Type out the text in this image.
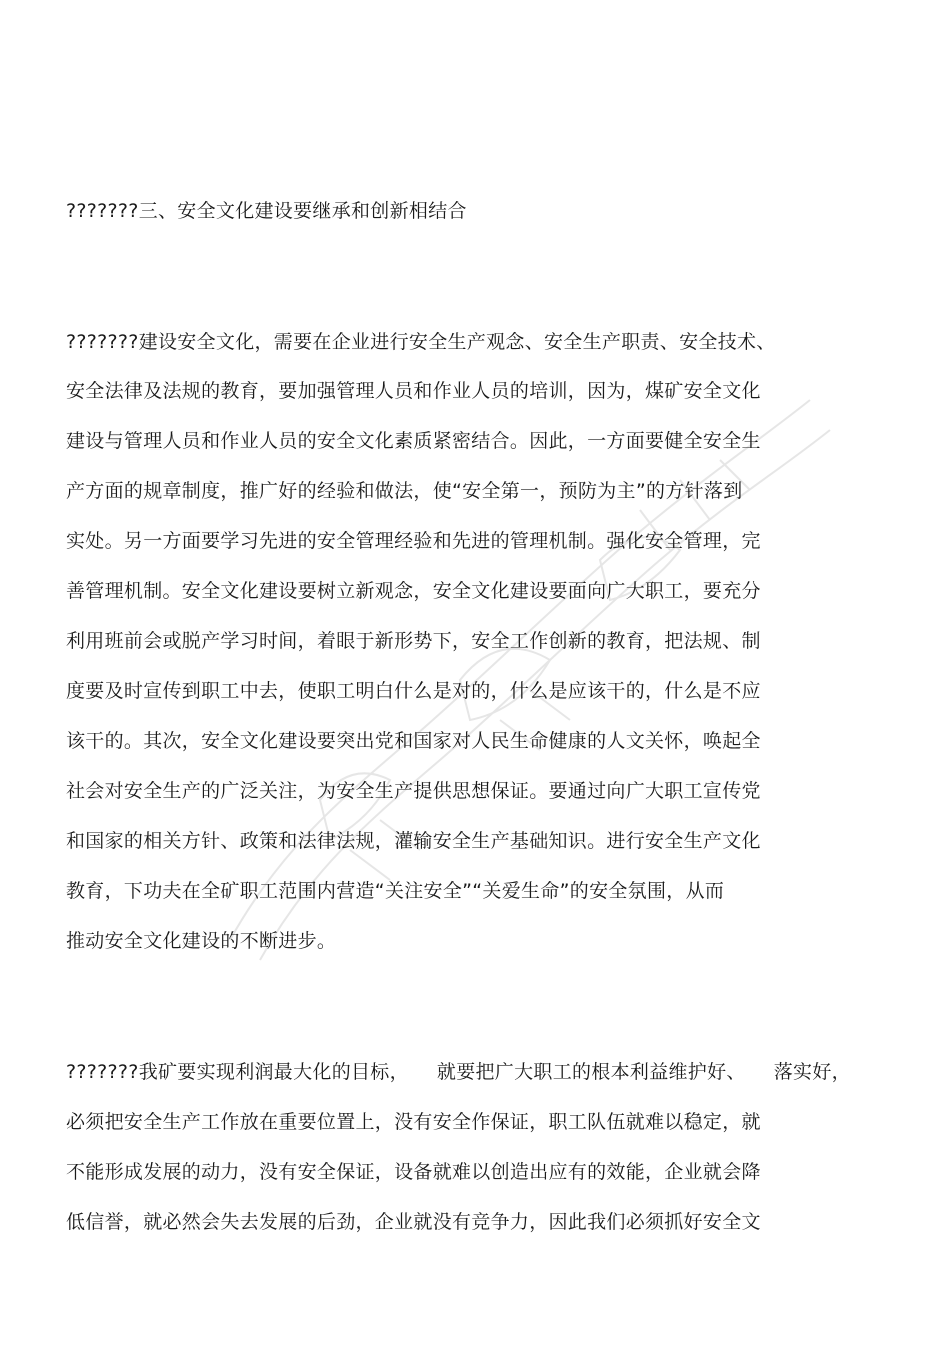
???????三、安全文化建设要继承和创新相结合
???????建设安全文化，需要在企业进行安全生产观念、安全生产职责、安全技术、
安全法律及法规的教育，要加强管理人员和作业人员的培训，因为，煤矿安全文化
建设与管理人员和作业人员的安全文化素质紧密结合。因此，一方面要健全安全生
产方面的规章制度，推广好的经验和做法，使“安全第一，预防为主”的方针落到
实处。另一方面要学习先进的安全管理经验和先进的管理机制。强化安全管理，完
善管理机制。安全文化建设要树立新观念，安全文化建设要面向广大职工，要充分
利用班前会或脱产学习时间，着眼于新形势下，安全工作创新的教育，把法规、制
度要及时宣传到职工中去，使职工明白什么是对的，什么是应该干的，什么是不应
该干的。其次，安全文化建设要突出党和国家对人民生命健康的人文关怀，唤起全
社会对安全生产的广泛关注，为安全生产提供思想保证。要通过向广大职工宣传党
和国家的相关方针、政策和法律法规，灌输安全生产基础知识。进行安全生产文化
教育，下功夫在全矿职工范围内营造“关注安全”“关爱生命”的安全氛围，从而
推动安全文化建设的不断进步。
???????我矿要实现利润最大化的目标， 就要把广大职工的根本利益维护好、 落实好，
必须把安全生产工作放在重要位置上，没有安全作保证，职工队伍就难以稳定，就
不能形成发展的动力，没有安全保证，设备就难以创造出应有的效能，企业就会降
低信誉，就必然会失去发展的后劲，企业就没有竞争力，因此我们必须抓好安全文
